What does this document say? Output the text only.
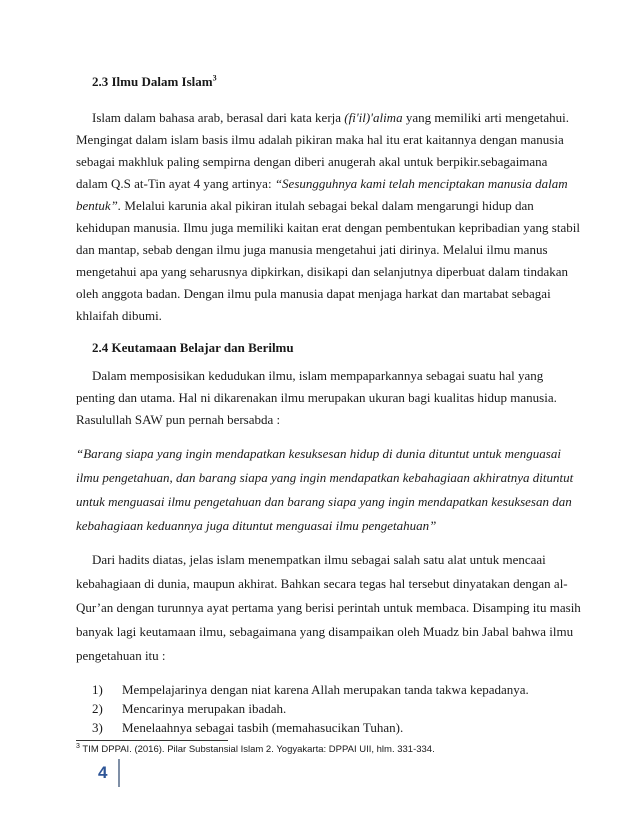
2.3 Ilmu Dalam Islam$^3$
Islam dalam bahasa arab, berasal dari kata kerja (fi'il)'alima yang memiliki arti mengetahui.
Mengingat dalam islam basis ilmu adalah pikiran maka hal itu erat kaitannya dengan manusia
sebagai makhluk paling sempirna dengan diberi anugerah akal untuk berpikir.sebagaimana
dalam Q.S at-Tin ayat 4 yang artinya: “Sesungguhnya kami telah menciptakan manusia dalam
bentuk”. Melalui karunia akal pikiran itulah sebagai bekal dalam mengarungi hidup dan
kehidupan manusia. Ilmu juga memiliki kaitan erat dengan pembentukan kepribadian yang stabil
dan mantap, sebab dengan ilmu juga manusia mengetahui jati dirinya. Melalui ilmu manus
mengetahui apa yang seharusnya dipkirkan, disikapi dan selanjutnya diperbuat dalam tindakan
oleh anggota badan. Dengan ilmu pula manusia dapat menjaga harkat dan martabat sebagai
khlaifah dibumi.
2.4 Keutamaan Belajar dan Berilmu
Dalam memposisikan kedudukan ilmu, islam mempaparkannya sebagai suatu hal yang
penting dan utama. Hal ni dikarenakan ilmu merupakan ukuran bagi kualitas hidup manusia.
Rasulullah SAW pun pernah bersabda :
“Barang siapa yang ingin mendapatkan kesuksesan hidup di dunia dituntut untuk menguasai
ilmu pengetahuan, dan barang siapa yang ingin mendapatkan kebahagiaan akhiratnya dituntut
untuk menguasai ilmu pengetahuan dan barang siapa yang ingin mendapatkan kesuksesan dan
kebahagiaan keduannya juga dituntut menguasai ilmu pengetahuan”
Dari hadits diatas, jelas islam menempatkan ilmu sebagai salah satu alat untuk mencaai
kebahagiaan di dunia, maupun akhirat. Bahkan secara tegas hal tersebut dinyatakan dengan al-
Qur’an dengan turunnya ayat pertama yang berisi perintah untuk membaca. Disamping itu masih
banyak lagi keutamaan ilmu, sebagaimana yang disampaikan oleh Muadz bin Jabal bahwa ilmu
pengetahuan itu :
$^3$ TIM DPPAI. (2016). Pilar Substansial Islam 2. Yogyakarta: DPPAI UII, hlm. 331-334.
4
1) Mempelajarinya dengan niat karena Allah merupakan tanda takwa kepadanya.
2) Mencarinya merupakan ibadah.
3) Menelaahnya sebagai tasbih (memahasucikan Tuhan).
